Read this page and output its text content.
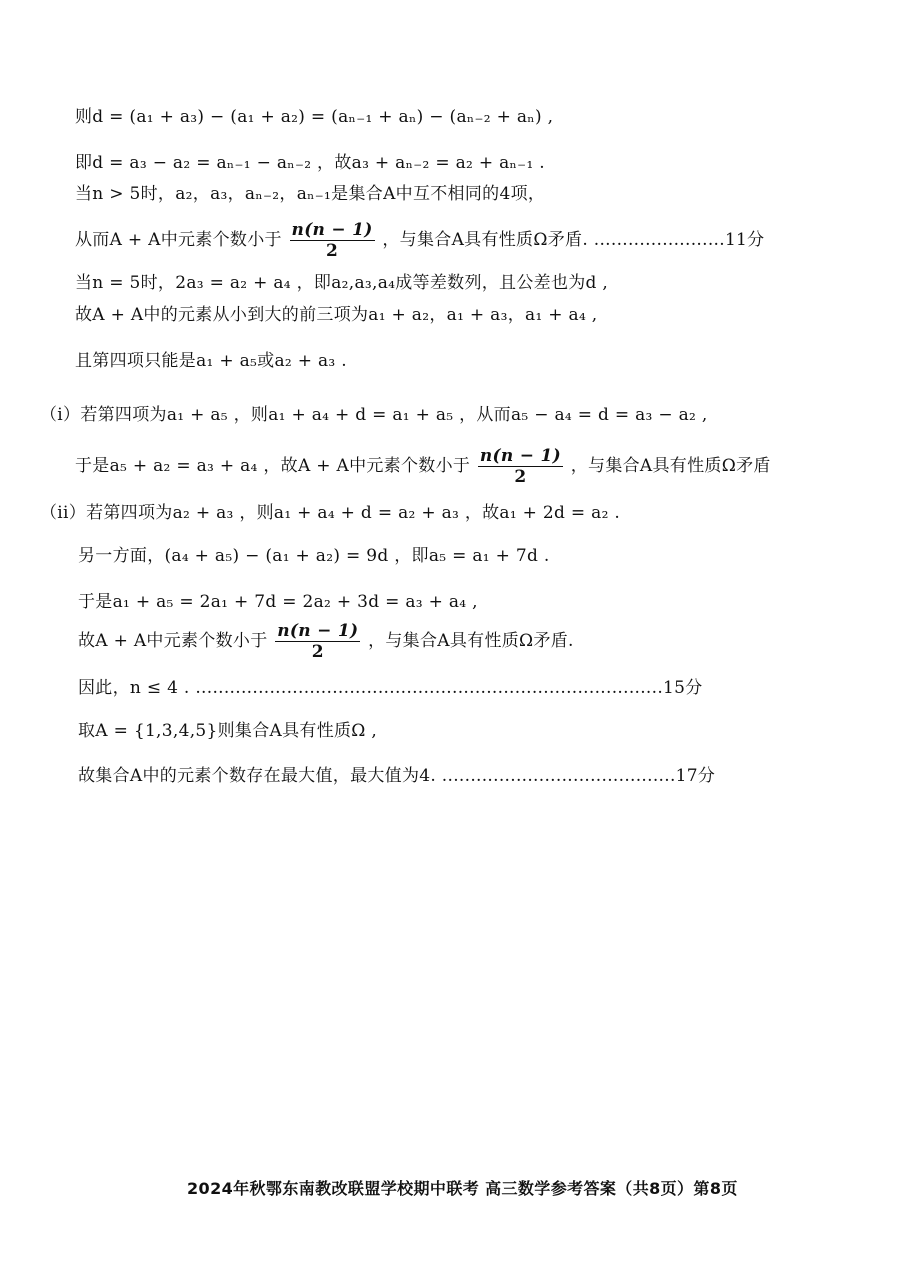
则d = (a₁ + a₃) − (a₁ + a₂) = (aₙ₋₁ + aₙ) − (aₙ₋₂ + aₙ) ,
即d = a₃ − a₂ = aₙ₋₁ − aₙ₋₂ ，故a₃ + aₙ₋₂ = a₂ + aₙ₋₁ .
当n > 5时，a₂，a₃，aₙ₋₂，aₙ₋₁是集合A中互不相同的4项，
从而A + A中元素个数小于 $\frac{n(n - 1)}{2}$ ，与集合A具有性质Ω矛盾. .......................11分
当n = 5时，2a₃ = a₂ + a₄ ，即a₂,a₃,a₄成等差数列，且公差也为d ,
故A + A中的元素从小到大的前三项为a₁ + a₂，a₁ + a₃，a₁ + a₄ ,
且第四项只能是a₁ + a₅或a₂ + a₃ .
（i）若第四项为a₁ + a₅ ，则a₁ + a₄ + d = a₁ + a₅ ，从而a₅ − a₄ = d = a₃ − a₂ ,
于是a₅ + a₂ = a₃ + a₄ ，故A + A中元素个数小于 $\frac{n(n - 1)}{2}$ ，与集合A具有性质Ω矛盾
（ii）若第四项为a₂ + a₃ ，则a₁ + a₄ + d = a₂ + a₃ ，故a₁ + 2d = a₂ .
另一方面，(a₄ + a₅) − (a₁ + a₂) = 9d ，即a₅ = a₁ + 7d .
于是a₁ + a₅ = 2a₁ + 7d = 2a₂ + 3d = a₃ + a₄ ,
故A + A中元素个数小于 $\frac{n(n - 1)}{2}$ ，与集合A具有性质Ω矛盾.
因此，n ≤ 4 . ..................................................................................15分
取A = {1,3,4,5}则集合A具有性质Ω ,
故集合A中的元素个数存在最大值，最大值为4. .........................................17分
2024年秋鄂东南教改联盟学校期中联考 高三数学参考答案（共8页）第8页
